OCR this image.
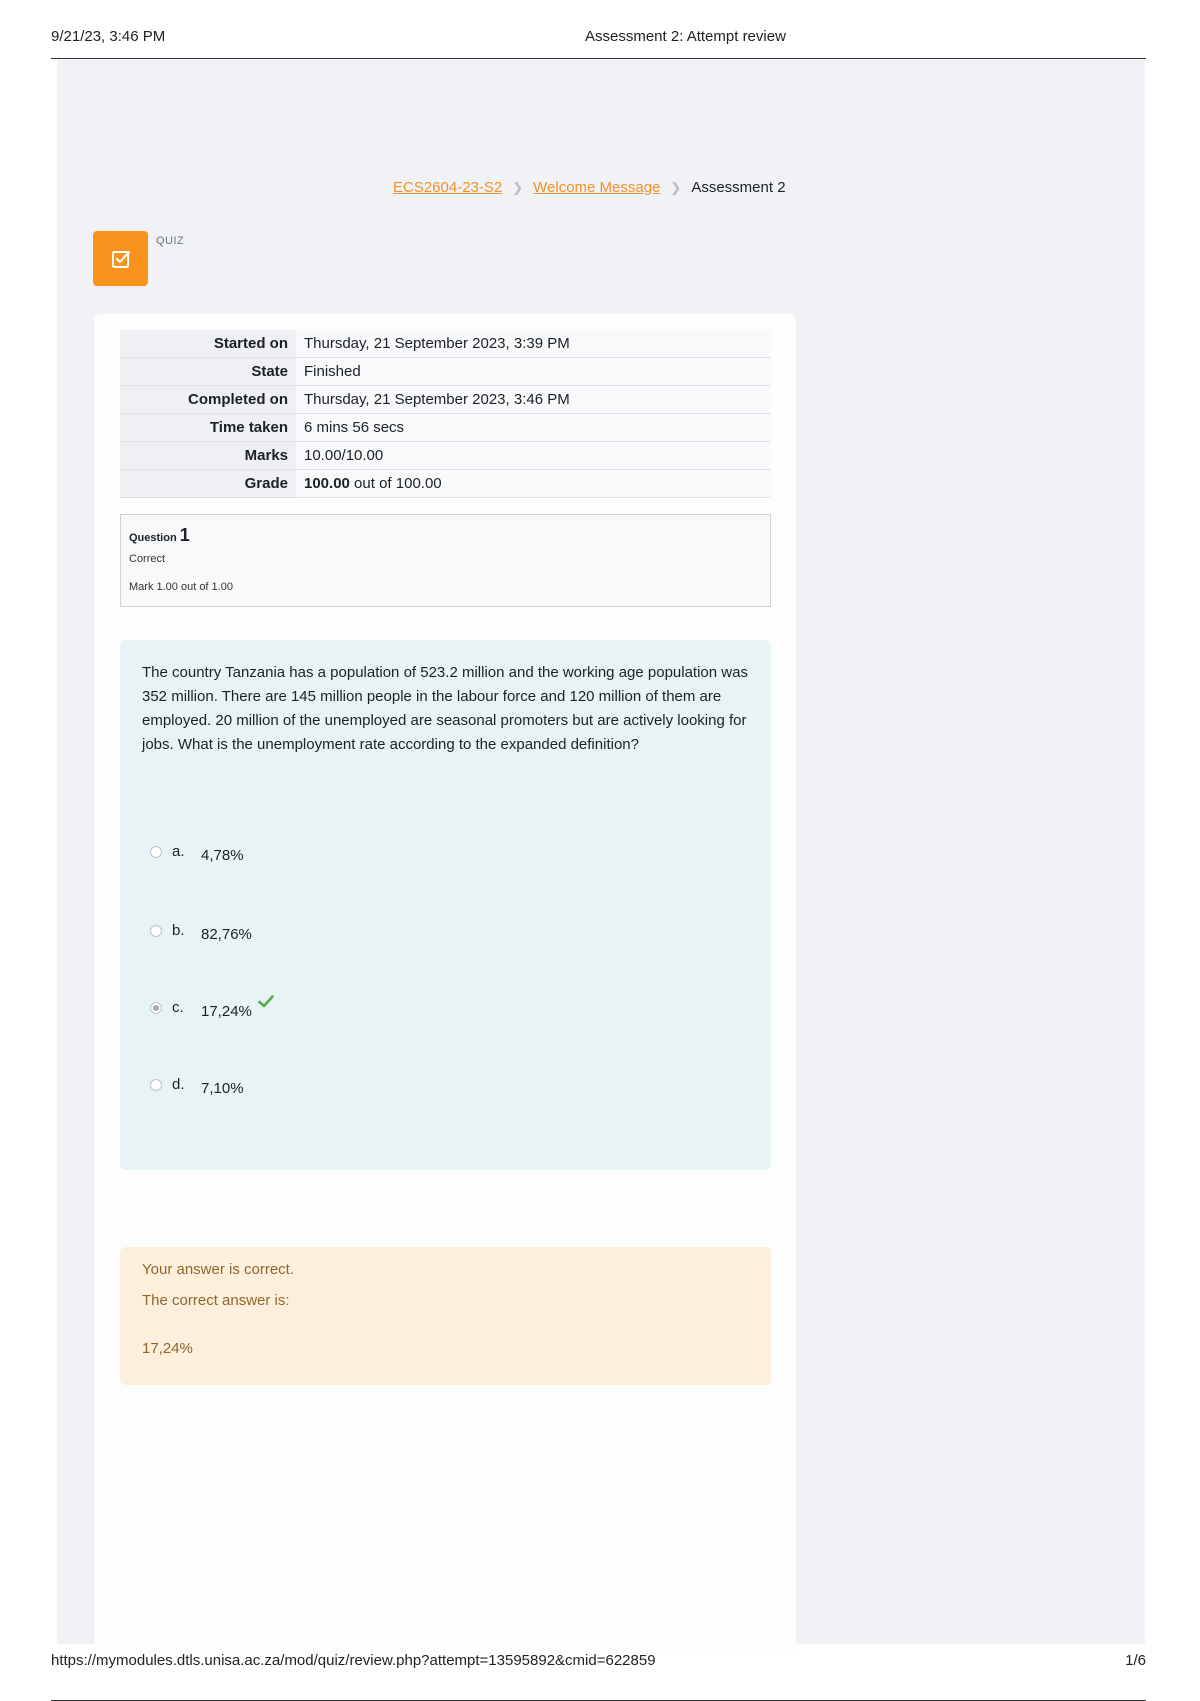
9/21/23, 3:46 PM	Assessment 2: Attempt review
ECS2604-23-S2 ❯ Welcome Message ❯ Assessment 2
QUIZ
Started on	Thursday, 21 September 2023, 3:39 PM
State	Finished
Completed on	Thursday, 21 September 2023, 3:46 PM
Time taken	6 mins 56 secs
Marks	10.00/10.00
Grade	100.00 out of 100.00
Question 1
Correct
Mark 1.00 out of 1.00
The country Tanzania has a population of 523.2 million and the working age population was 352 million. There are 145 million people in the labour force and 120 million of them are employed. 20 million of the unemployed are seasonal promoters but are actively looking for jobs. What is the unemployment rate according to the expanded definition?
a.	4,78%
b.	82,76%
c.	17,24%
d.	7,10%
Your answer is correct.
The correct answer is:
17,24%
https://mymodules.dtls.unisa.ac.za/mod/quiz/review.php?attempt=13595892&cmid=622859	1/6
